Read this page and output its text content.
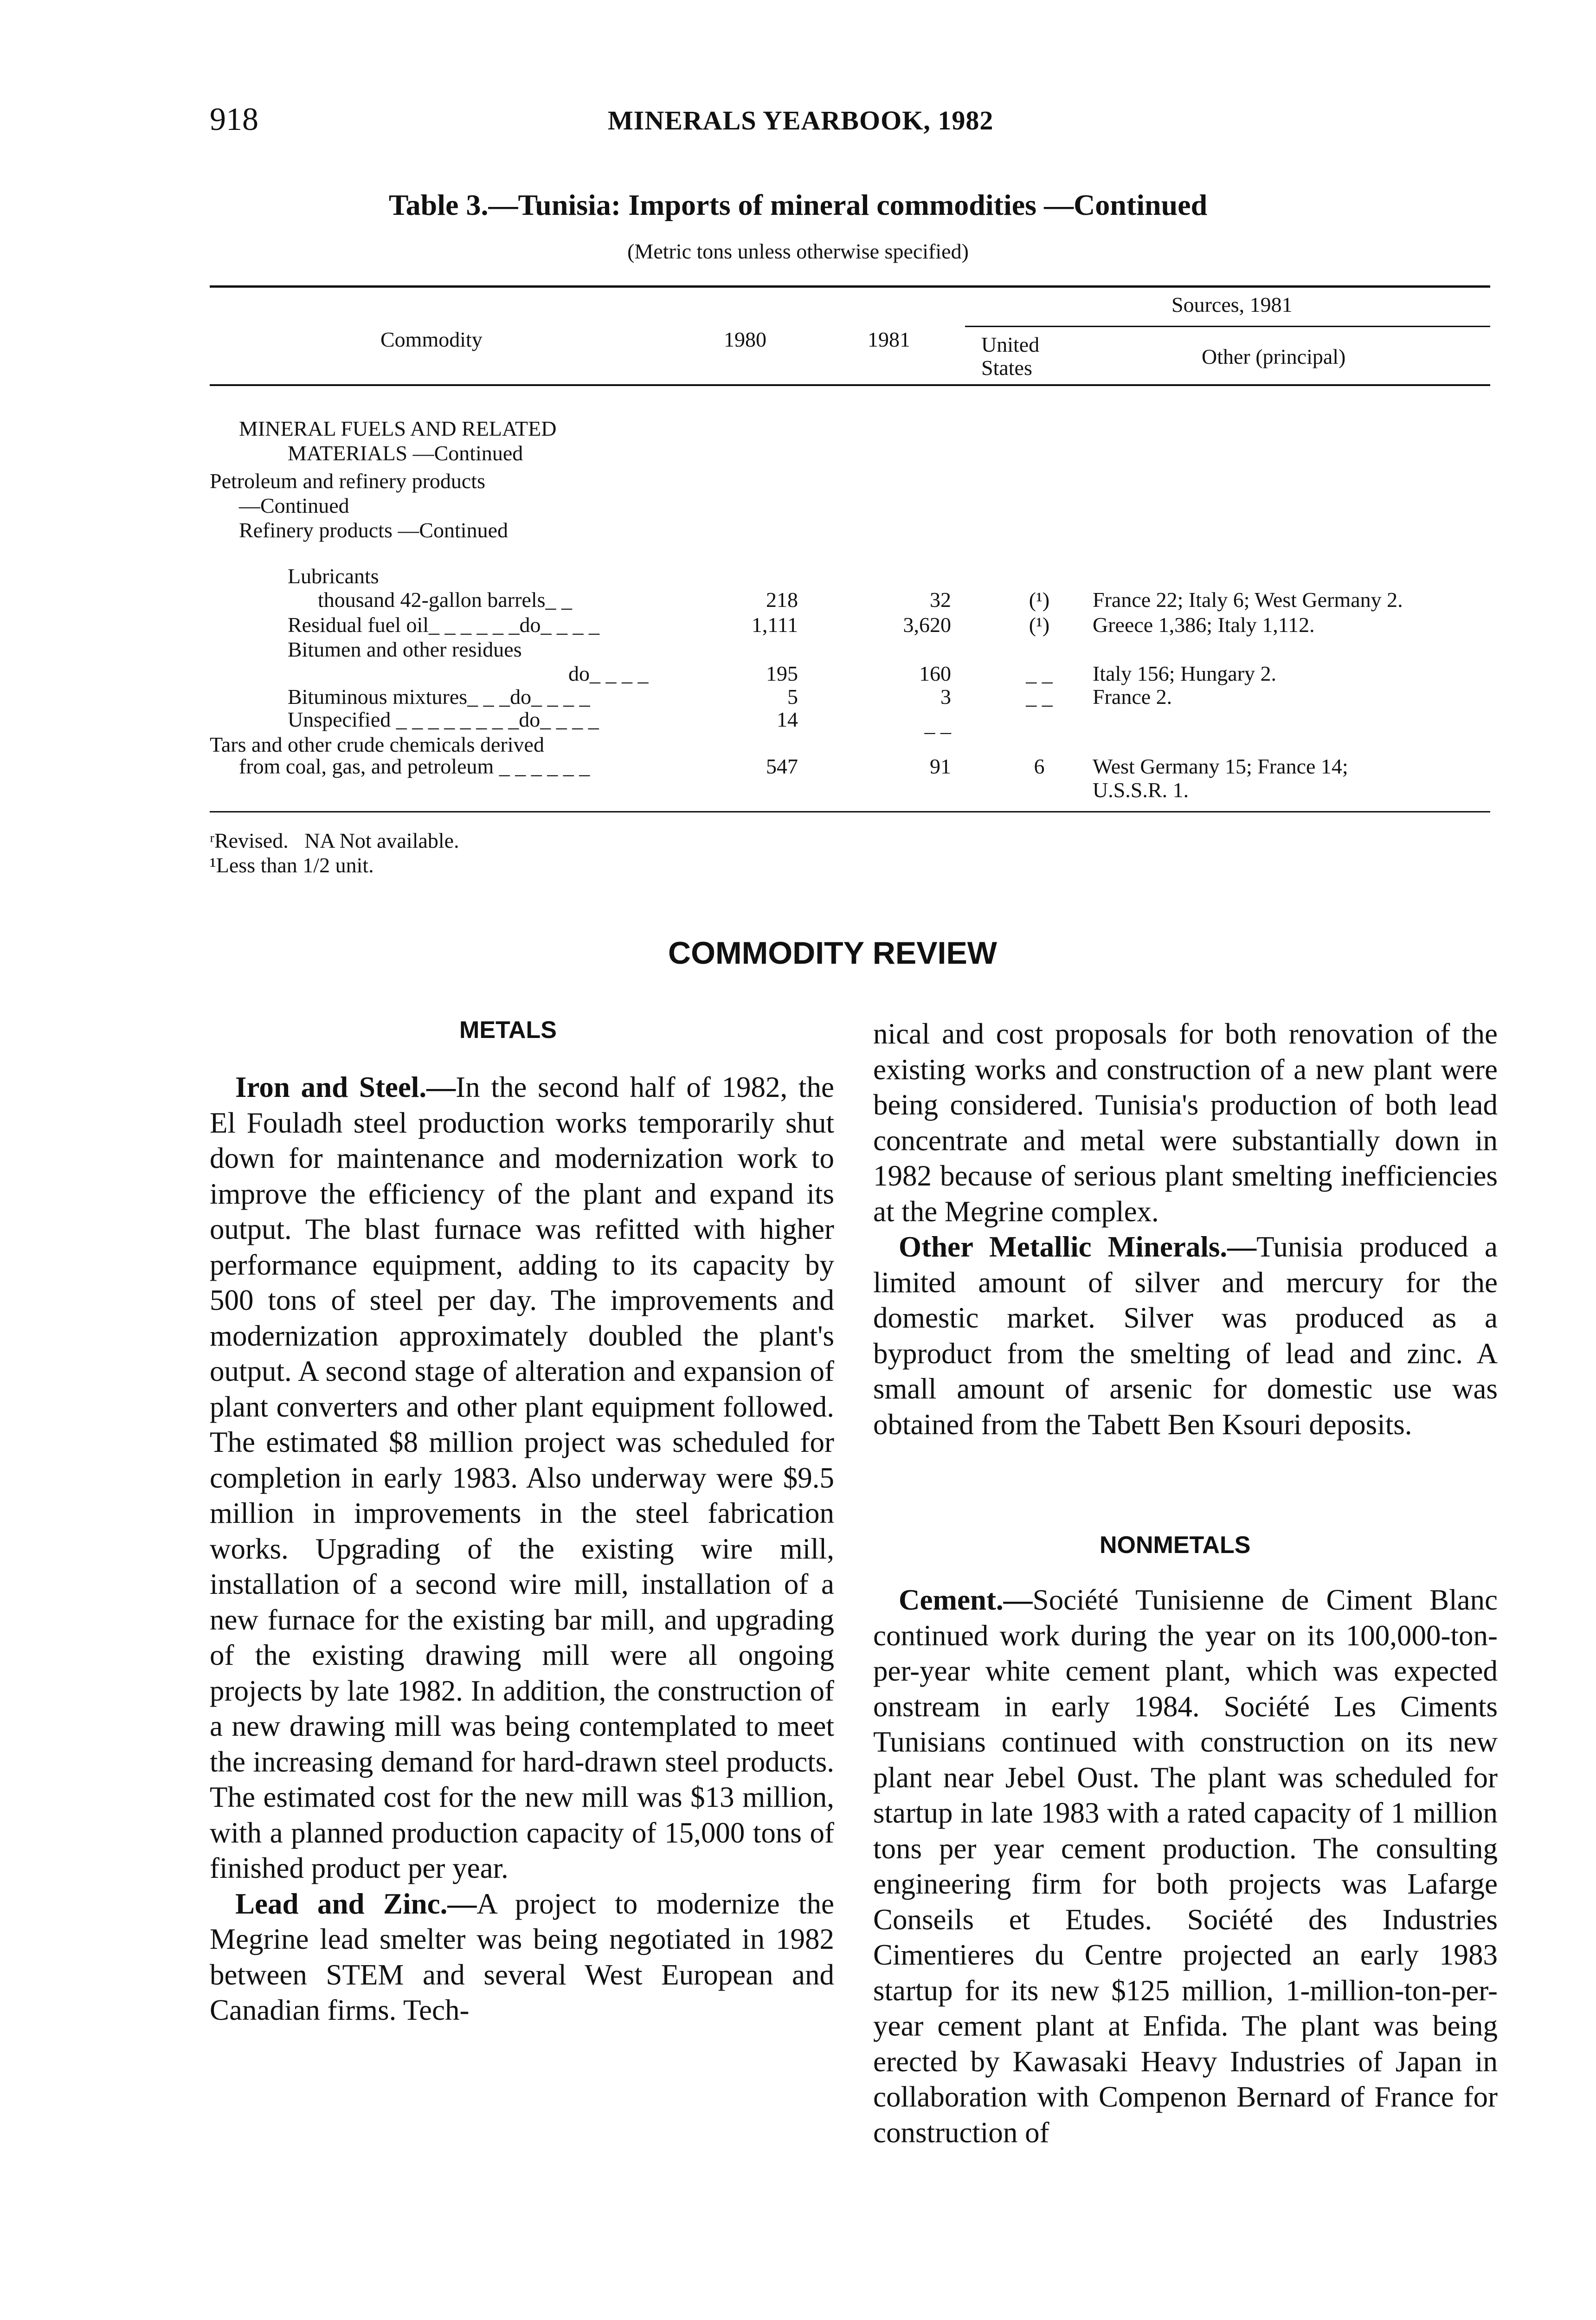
918	MINERALS YEARBOOK, 1982
Table 3.—Tunisia: Imports of mineral commodities —Continued
(Metric tons unless otherwise specified)
Commodity	1980	1981
Sources, 1981
United
States	Other (principal)
MINERAL FUELS AND RELATED
MATERIALS —Continued
Petroleum and refinery products
—Continued
Refinery products —Continued
Lubricants
thousand 42-gallon barrels_ _	218	32	(¹)	France 22; Italy 6; West Germany 2.
Residual fuel oil_ _ _ _ _ _do_ _ _ _	1,111	3,620	(¹)	Greece 1,386; Italy 1,112.
Bitumen and other residues
do_ _ _ _	195	160	_ _	Italy 156; Hungary 2.
Bituminous mixtures_ _ _do_ _ _ _	5	3	_ _	France 2.
Unspecified _ _ _ _ _ _ _ _do_ _ _ _	14	_ _
Tars and other crude chemicals derived
from coal, gas, and petroleum _ _ _ _ _ _	547	91	6	West Germany 15; France 14;
U.S.S.R. 1.
ʳRevised.   NA Not available.
¹Less than 1/2 unit.
COMMODITY REVIEW
METALS

Iron and Steel.—In the second half of 1982, the El Fouladh steel production works temporarily shut down for maintenance and modernization work to improve the efficiency of the plant and expand its output. The blast furnace was refitted with higher performance equipment, adding to its capacity by 500 tons of steel per day. The improvements and modernization approximately doubled the plant's output. A second stage of alteration and expansion of plant converters and other plant equipment followed. The estimated $8 million project was scheduled for completion in early 1983. Also underway were $9.5 million in improvements in the steel fabrication works. Upgrading of the existing wire mill, installation of a second wire mill, installation of a new furnace for the existing bar mill, and upgrading of the existing drawing mill were all ongoing projects by late 1982. In addition, the construction of a new drawing mill was being contemplated to meet the increasing demand for hard-drawn steel products. The estimated cost for the new mill was $13 million, with a planned production capacity of 15,000 tons of finished product per year.

Lead and Zinc.—A project to modernize the Megrine lead smelter was being negotiated in 1982 between STEM and several West European and Canadian firms. Tech-

nical and cost proposals for both renovation of the existing works and construction of a new plant were being considered. Tunisia's production of both lead concentrate and metal were substantially down in 1982 because of serious plant smelting inefficiencies at the Megrine complex.

Other Metallic Minerals.—Tunisia produced a limited amount of silver and mercury for the domestic market. Silver was produced as a byproduct from the smelting of lead and zinc. A small amount of arsenic for domestic use was obtained from the Tabett Ben Ksouri deposits.

NONMETALS

Cement.—Société Tunisienne de Ciment Blanc continued work during the year on its 100,000-ton-per-year white cement plant, which was expected onstream in early 1984. Société Les Ciments Tunisians continued with construction on its new plant near Jebel Oust. The plant was scheduled for startup in late 1983 with a rated capacity of 1 million tons per year cement production. The consulting engineering firm for both projects was Lafarge Conseils et Etudes. Société des Industries Cimentieres du Centre projected an early 1983 startup for its new $125 million, 1-million-ton-per-year cement plant at Enfida. The plant was being erected by Kawasaki Heavy Industries of Japan in collaboration with Compenon Bernard of France for construction of
